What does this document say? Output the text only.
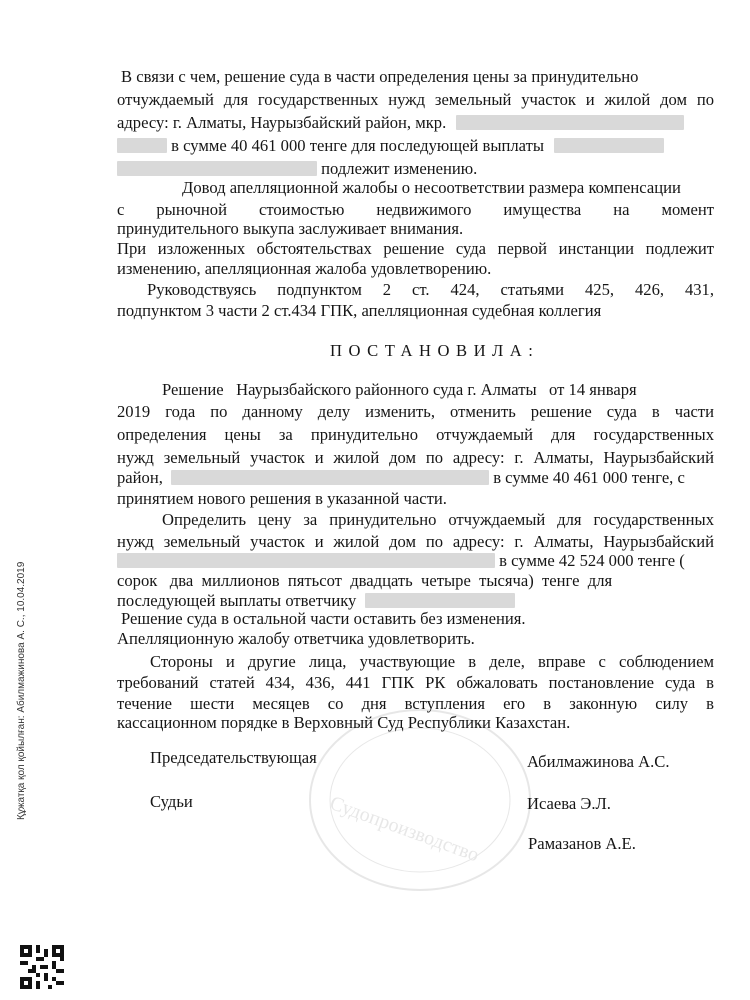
Судопроизводство
В связи с чем, решение суда в части определения цены за принудительно
отчуждаемый для государственных нужд земельный участок и жилой дом по
адресу: г. Алматы, Наурызбайский район, мкр.
в сумме 40 461 000 тенге для последующей выплаты
подлежит изменению.
Довод апелляционной жалобы о несоответствии размера компенсации
с рыночной стоимостью недвижимого имущества на момент
принудительного выкупа заслуживает внимания.
При изложенных обстоятельствах решение суда первой инстанции подлежит
изменению, апелляционная жалоба удовлетворению.
Руководствуясь подпунктом 2 ст. 424, статьями 425, 426, 431,
подпунктом 3 части 2 ст.434 ГПК, апелляционная судебная коллегия
ПОСТАНОВИЛА:
Решение   Наурызбайского районного суда г. Алматы   от 14 января
2019 года по данному делу изменить, отменить решение суда в части
определения цены за принудительно отчуждаемый для государственных
нужд земельный участок и жилой дом по адресу: г. Алматы, Наурызбайский
район,	в сумме 40 461 000 тенге, с
принятием нового решения в указанной части.
Определить цену за принудительно отчуждаемый для государственных
нужд земельный участок и жилой дом по адресу: г. Алматы, Наурызбайский
в сумме 42 524 000 тенге (
сорок   два  миллионов  пятьсот  двадцать  четыре  тысяча)  тенге  для
последующей выплаты ответчику
Решение суда в остальной части оставить без изменения.
Апелляционную жалобу ответчика удовлетворить.
Стороны и другие лица, участвующие в деле, вправе с соблюдением
требований статей 434, 436, 441 ГПК РК обжаловать постановление суда в
течение шести месяцев со дня вступления его в законную силу в
кассационном порядке в Верховный Суд Республики Казахстан.
Председательствующая	Абилмажинова А.С.
Судьи	Исаева Э.Л.
Рамазанов А.Е.
Құжатқа қол қойылған: Абилмажинова А. С., 10.04.2019
